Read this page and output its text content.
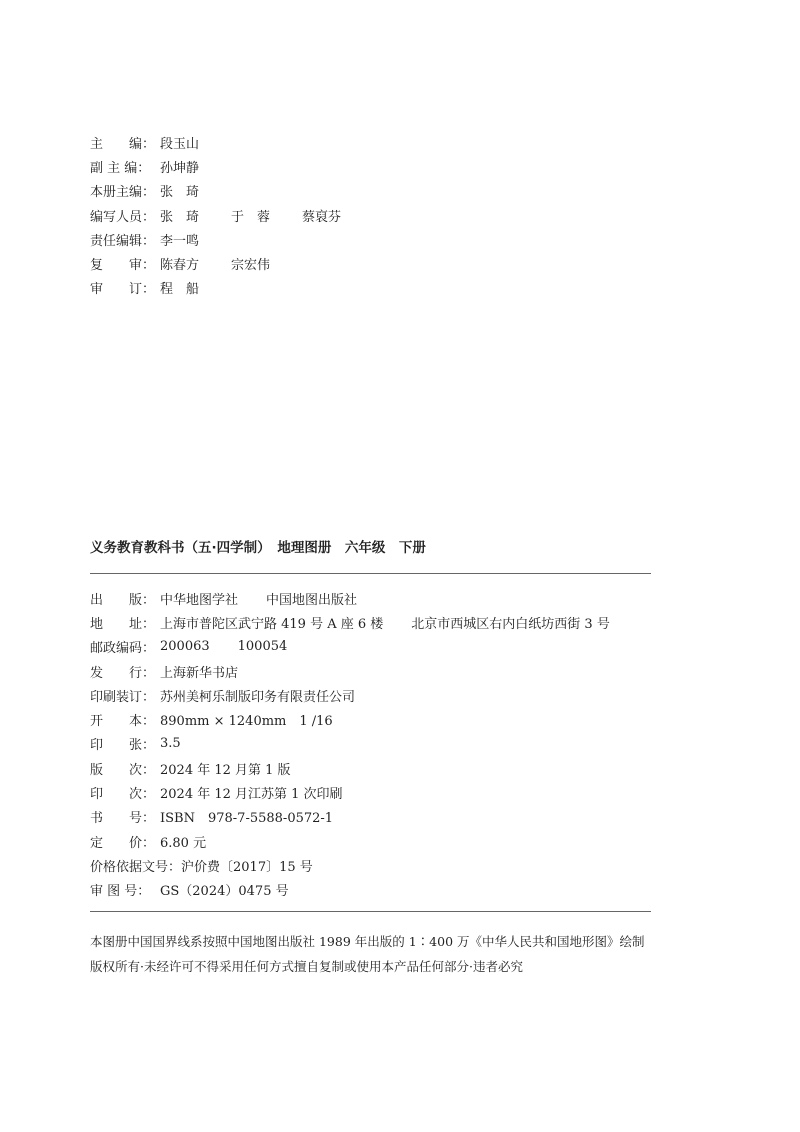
主　　编： 段玉山
副 主 编： 孙坤静
本册主编： 张　琦
编写人员： 张　琦 于　蓉 蔡裒芬
责任编辑： 李一鸣
复　　审： 陈春方 宗宏伟
审　　订： 程　船
义务教育教科书（五·四学制）　地理图册　六年级　下册
出　　版： 中华地图学社 中国地图出版社
地　　址： 上海市普陀区武宁路 419 号 A 座 6 楼 北京市西城区右内白纸坊西街 3 号
邮政编码： 200063 100054
发　　行： 上海新华书店
印刷装订： 苏州美柯乐制版印务有限责任公司
开　　本： 890mm × 1240mm　1 /16
印　　张： 3.5
版　　次： 2024 年 12 月第 1 版
印　　次： 2024 年 12 月江苏第 1 次印刷
书　　号： ISBN　978-7-5588-0572-1
定　　价： 6.80 元
价格依据文号： 沪价费〔2017〕15 号
审 图 号： GS（2024）0475 号
本图册中国国界线系按照中国地图出版社 1989 年出版的 1∶400 万《中华人民共和国地形图》绘制
版权所有·未经许可不得采用任何方式擅自复制或使用本产品任何部分·违者必究
